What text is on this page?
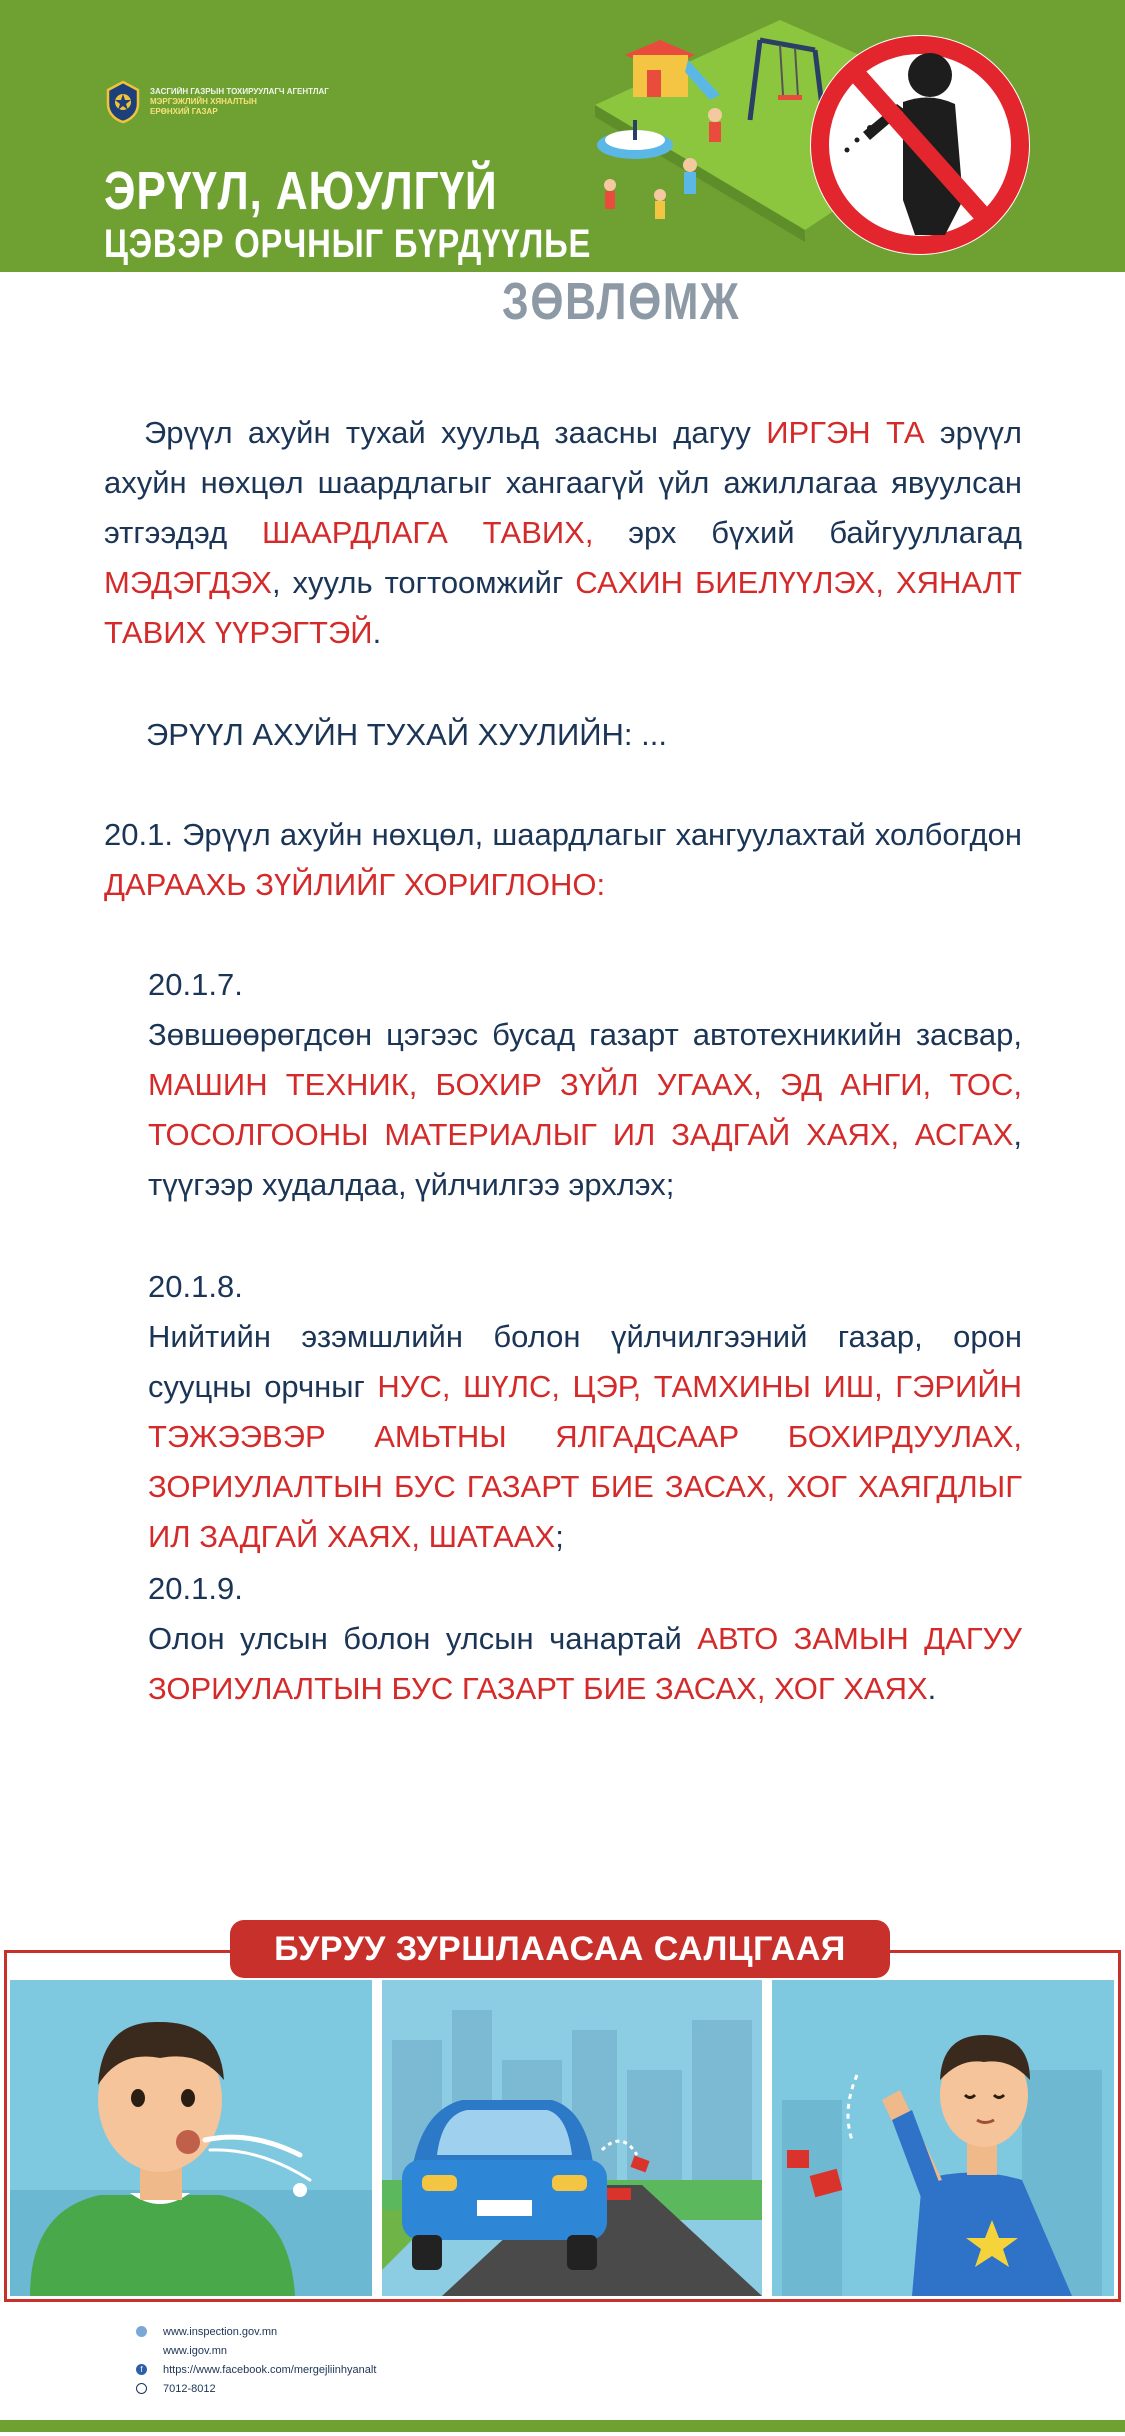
ЗАСГИЙН ГАЗРЫН ТОХИРУУЛАГЧ АГЕНТЛАГ
МЭРГЭЖЛИЙН ХЯНАЛТЫН
ЕРӨНХИЙ ГАЗАР
ЭРҮҮЛ, АЮУЛГҮЙ
ЦЭВЭР ОРЧНЫГ БҮРДҮҮЛЬЕ
ЗӨВЛӨМЖ
Эрүүл ахуйн тухай хуульд заасны дагуу ИРГЭН ТА эрүүл ахуйн нөхцөл шаардлагыг хангаагүй үйл ажиллагаа явуулсан этгээдэд ШААРДЛАГА ТАВИХ, эрх бүхий байгууллагад МЭДЭГДЭХ, хууль тогтоомжийг САХИН БИЕЛҮҮЛЭХ, ХЯНАЛТ ТАВИХ ҮҮРЭГТЭЙ.
ЭРҮҮЛ АХУЙН ТУХАЙ ХУУЛИЙН: ...
20.1. Эрүүл ахуйн нөхцөл, шаардлагыг хангуулахтай холбогдон ДАРААХЬ ЗҮЙЛИЙГ ХОРИГЛОНО:
20.1.7.
Зөвшөөрөгдсөн цэгээс бусад газарт автотехникийн засвар, МАШИН ТЕХНИК, БОХИР ЗҮЙЛ УГААХ, ЭД АНГИ, ТОС, ТОСОЛГООНЫ МАТЕРИАЛЫГ ИЛ ЗАДГАЙ ХАЯХ, АСГАХ, түүгээр худалдаа, үйлчилгээ эрхлэх;
20.1.8.
Нийтийн эзэмшлийн болон үйлчилгээний газар, орон сууцны орчныг НУС, ШҮЛС, ЦЭР, ТАМХИНЫ ИШ, ГЭРИЙН ТЭЖЭЭВЭР АМЬТНЫ ЯЛГАДСААР БОХИРДУУЛАХ, ЗОРИУЛАЛТЫН БУС ГАЗАРТ БИЕ ЗАСАХ, ХОГ ХАЯГДЛЫГ ИЛ ЗАДГАЙ ХАЯХ, ШАТААХ;
20.1.9.
Олон улсын болон улсын чанартай АВТО ЗАМЫН ДАГУУ ЗОРИУЛАЛТЫН БУС ГАЗАРТ БИЕ ЗАСАХ, ХОГ ХАЯХ.
БУРУУ ЗУРШЛААСАА САЛЦГААЯ
www.inspection.gov.mn
www.igov.mn
f	https://www.facebook.com/mergejliinhyanalt
7012-8012
